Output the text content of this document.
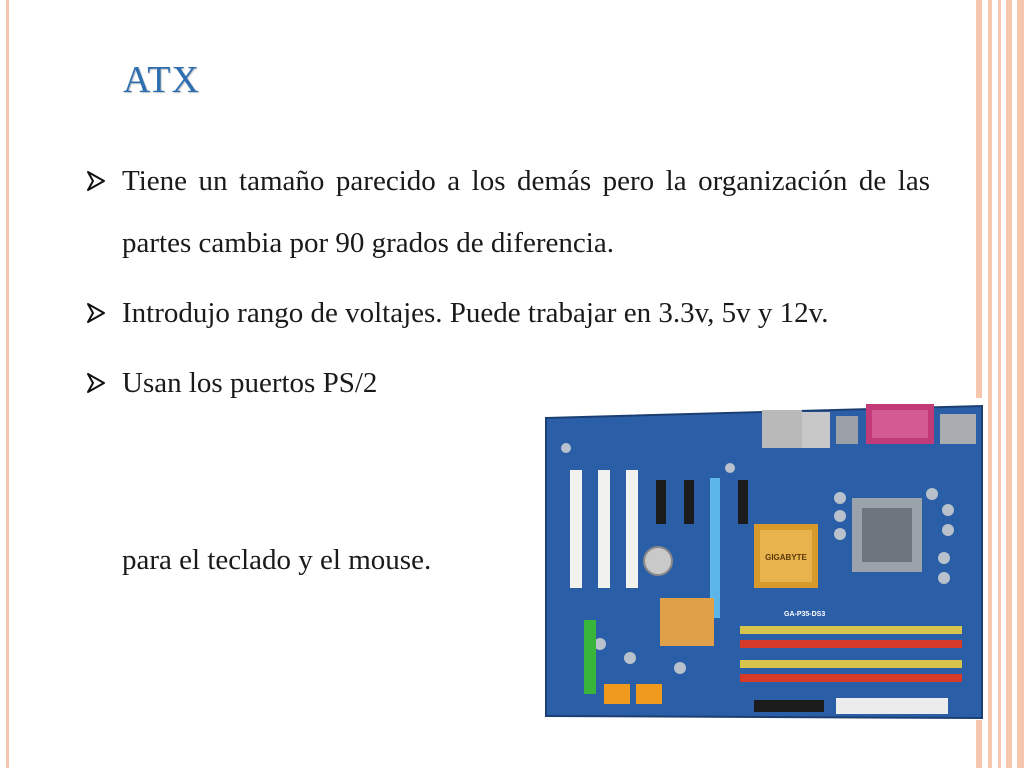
ATX
Tiene un tamaño parecido a los demás pero la organización de las partes cambia por 90 grados de diferencia.
Introdujo rango de voltajes. Puede trabajar en 3.3v, 5v y 12v.
Usan los puertos PS/2
para el teclado y el mouse.	GIGABYTE
GA-P35-DS3
